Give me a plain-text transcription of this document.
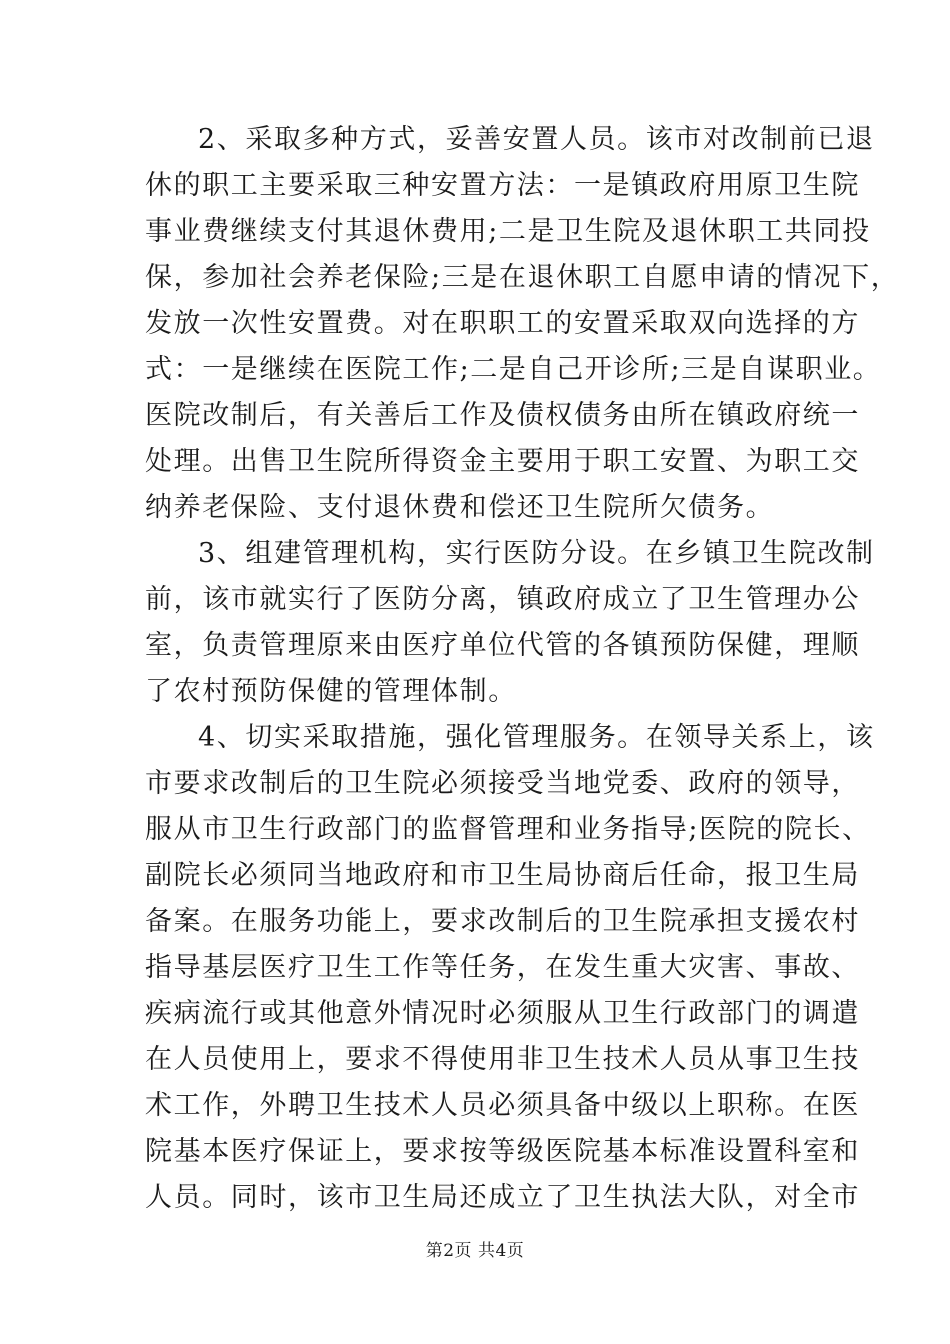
2、采取多种方式，妥善安置人员。该市对改制前已退
休的职工主要采取三种安置方法：一是镇政府用原卫生院
事业费继续支付其退休费用;二是卫生院及退休职工共同投
保，参加社会养老保险;三是在退休职工自愿申请的情况下，
发放一次性安置费。对在职职工的安置采取双向选择的方
式：一是继续在医院工作;二是自己开诊所;三是自谋职业。
医院改制后，有关善后工作及债权债务由所在镇政府统一
处理。出售卫生院所得资金主要用于职工安置、为职工交
纳养老保险、支付退休费和偿还卫生院所欠债务。
3、组建管理机构，实行医防分设。在乡镇卫生院改制
前，该市就实行了医防分离，镇政府成立了卫生管理办公
室，负责管理原来由医疗单位代管的各镇预防保健，理顺
了农村预防保健的管理体制。
4、切实采取措施，强化管理服务。在领导关系上，该
市要求改制后的卫生院必须接受当地党委、政府的领导，
服从市卫生行政部门的监督管理和业务指导;医院的院长、
副院长必须同当地政府和市卫生局协商后任命，报卫生局
备案。在服务功能上，要求改制后的卫生院承担支援农村
指导基层医疗卫生工作等任务，在发生重大灾害、事故、
疾病流行或其他意外情况时必须服从卫生行政部门的调遣
在人员使用上，要求不得使用非卫生技术人员从事卫生技
术工作，外聘卫生技术人员必须具备中级以上职称。在医
院基本医疗保证上，要求按等级医院基本标准设置科室和
人员。同时，该市卫生局还成立了卫生执法大队，对全市
第2页 共4页
